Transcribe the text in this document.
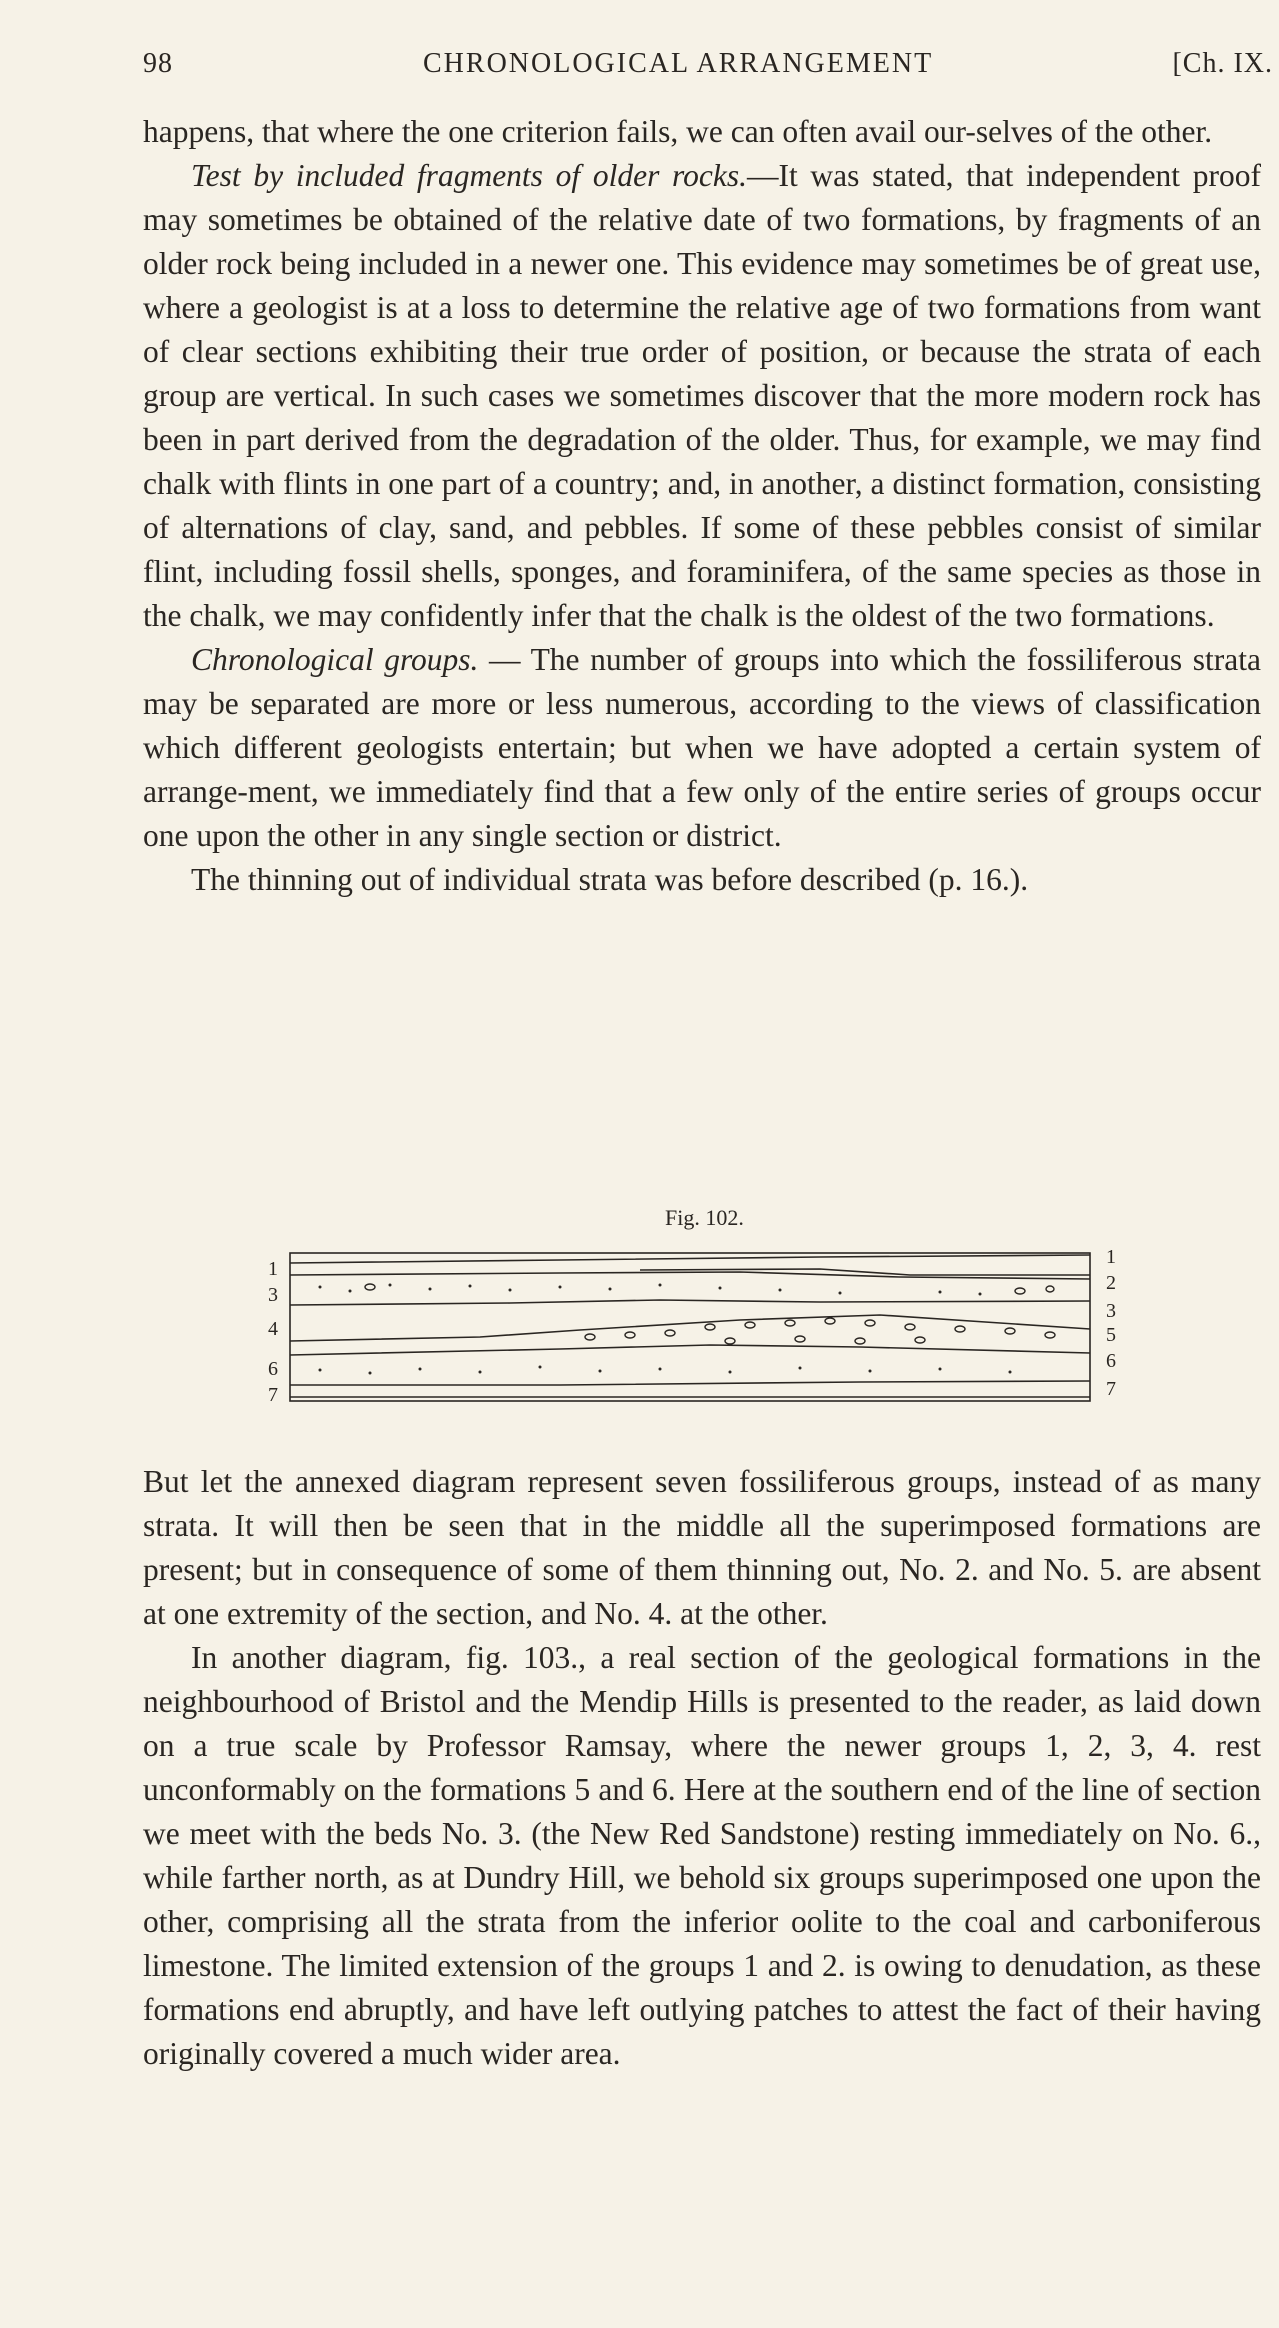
98	CHRONOLOGICAL ARRANGEMENT	[Ch. IX.

happens, that where the one criterion fails, we can often avail our-selves of the other.

Test by included fragments of older rocks.—It was stated, that independent proof may sometimes be obtained of the relative date of two formations, by fragments of an older rock being included in a newer one. This evidence may sometimes be of great use, where a geologist is at a loss to determine the relative age of two formations from want of clear sections exhibiting their true order of position, or because the strata of each group are vertical. In such cases we sometimes discover that the more modern rock has been in part derived from the degradation of the older. Thus, for example, we may find chalk with flints in one part of a country; and, in another, a distinct formation, consisting of alternations of clay, sand, and pebbles. If some of these pebbles consist of similar flint, including fossil shells, sponges, and foraminifera, of the same species as those in the chalk, we may confidently infer that the chalk is the oldest of the two formations.

Chronological groups. — The number of groups into which the fossiliferous strata may be separated are more or less numerous, according to the views of classification which different geologists entertain; but when we have adopted a certain system of arrange-ment, we immediately find that a few only of the entire series of groups occur one upon the other in any single section or district.

The thinning out of individual strata was before described (p. 16.).

Fig. 102.
1
3
4
6
7
1
2
3
5
6
7

But let the annexed diagram represent seven fossiliferous groups, instead of as many strata. It will then be seen that in the middle all the superimposed formations are present; but in consequence of some of them thinning out, No. 2. and No. 5. are absent at one extremity of the section, and No. 4. at the other.

In another diagram, fig. 103., a real section of the geological formations in the neighbourhood of Bristol and the Mendip Hills is presented to the reader, as laid down on a true scale by Professor Ramsay, where the newer groups 1, 2, 3, 4. rest unconformably on the formations 5 and 6. Here at the southern end of the line of section we meet with the beds No. 3. (the New Red Sandstone) resting immediately on No. 6., while farther north, as at Dundry Hill, we behold six groups superimposed one upon the other, comprising all the strata from the inferior oolite to the coal and carboniferous limestone. The limited extension of the groups 1 and 2. is owing to denudation, as these formations end abruptly, and have left outlying patches to attest the fact of their having originally covered a much wider area.
